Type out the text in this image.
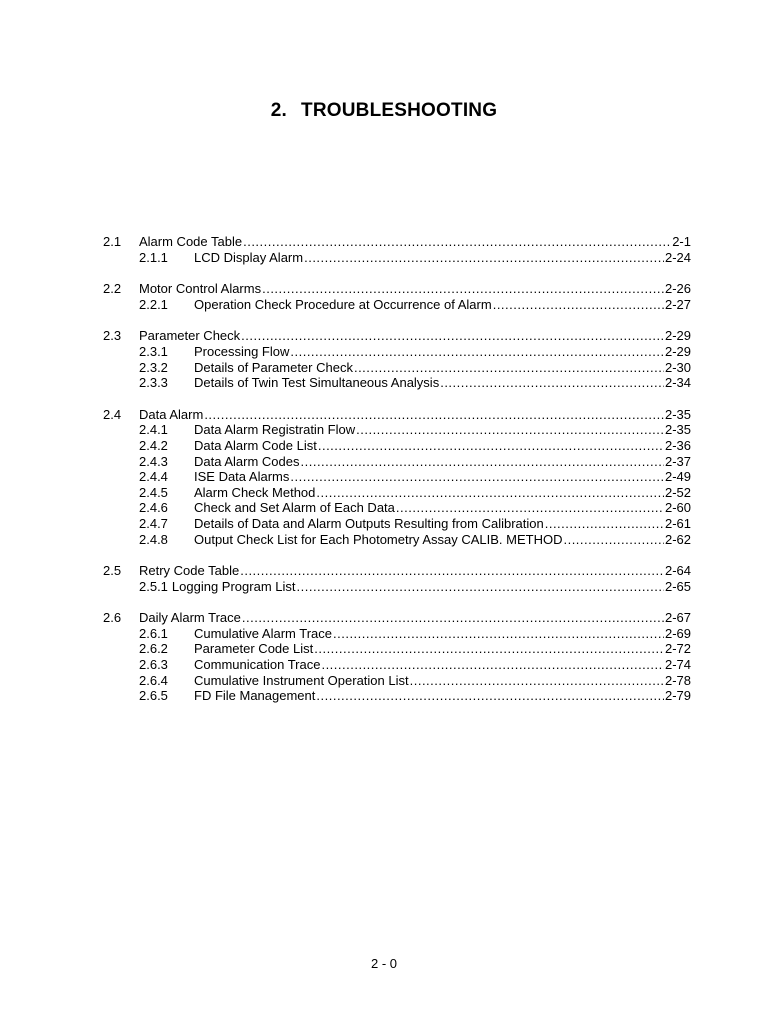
2. TROUBLESHOOTING
2.1	Alarm Code Table .....	2-1
2.1.1	LCD Display Alarm .....	2-24
2.2	Motor Control Alarms .....	2-26
2.2.1	Operation Check Procedure at Occurrence of Alarm .....	2-27
2.3	Parameter Check .....	2-29
2.3.1	Processing Flow .....	2-29
2.3.2	Details of Parameter Check .....	2-30
2.3.3	Details of Twin Test Simultaneous Analysis .....	2-34
2.4	Data Alarm .....	2-35
2.4.1	Data Alarm Registratin Flow .....	2-35
2.4.2	Data Alarm Code List .....	2-36
2.4.3	Data Alarm Codes .....	2-37
2.4.4	ISE Data Alarms .....	2-49
2.4.5	Alarm Check Method .....	2-52
2.4.6	Check and Set Alarm of Each Data .....	2-60
2.4.7	Details of Data and Alarm Outputs Resulting from Calibration .....	2-61
2.4.8	Output Check List for Each Photometry Assay CALIB. METHOD .....	2-62
2.5	Retry Code Table .....	2-64
2.5.1 Logging Program List .....	2-65
2.6	Daily Alarm Trace .....	2-67
2.6.1	Cumulative Alarm Trace .....	2-69
2.6.2	Parameter Code List .....	2-72
2.6.3	Communication Trace .....	2-74
2.6.4	Cumulative Instrument Operation List .....	2-78
2.6.5	FD File Management .....	2-79
2 - 0
